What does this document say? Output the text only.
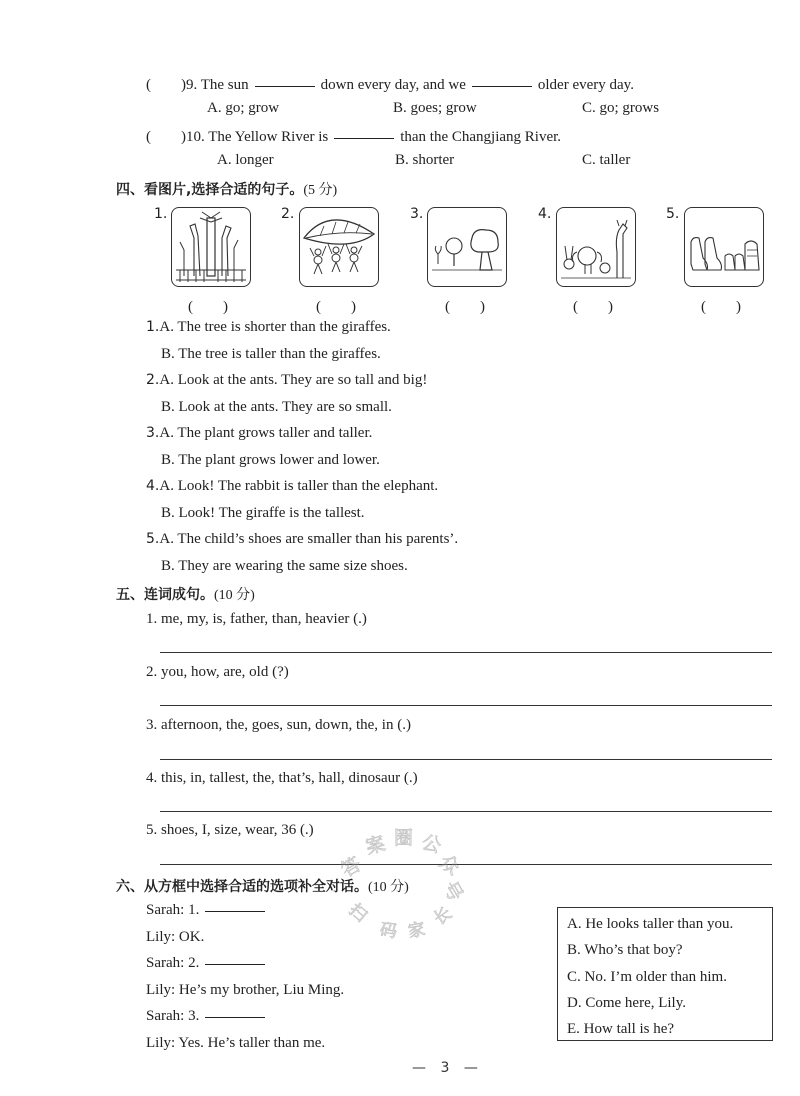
(　　)9. The sun	down every day, and we	older every day.
A. go; grow	B. goes; grow	C. go; grows
(　　)10. The Yellow River is	than the Changjiang River.
A. longer	B. shorter	C. taller
四、看图片,选择合适的句子。(5 分)
1.	2.	3.	4.	5.
(　　)	(　　)	(　　)	(　　)	(　　)
1.A. The tree is shorter than the giraffes.
B. The tree is taller than the giraffes.
2.A. Look at the ants. They are so tall and big!
B. Look at the ants. They are so small.
3.A. The plant grows taller and taller.
B. The plant grows lower and lower.
4.A. Look! The rabbit is taller than the elephant.
B. Look! The giraffe is the tallest.
5.A. The child’s shoes are smaller than his parents’.
B. They are wearing the same size shoes.
五、连词成句。(10 分)
1. me, my, is, father, than, heavier (.)
2. you, how, are, old (?)
3. afternoon, the, goes, sun, down, the, in (.)
4. this, in, tallest, the, that’s, hall, dinosaur (.)
5. shoes, I, size, wear, 36 (.)
答
案 圈 公
众
号
扫
码 家
长
六、从方框中选择合适的选项补全对话。(10 分)
Sarah: 1.
Lily: OK.
Sarah: 2.
Lily: He’s my brother, Liu Ming.
Sarah: 3.
Lily: Yes. He’s taller than me.
A. He looks taller than you.
B. Who’s that boy?
C. No. I’m older than him.
D. Come here, Lily.
E. How tall is he?
— 3 —
